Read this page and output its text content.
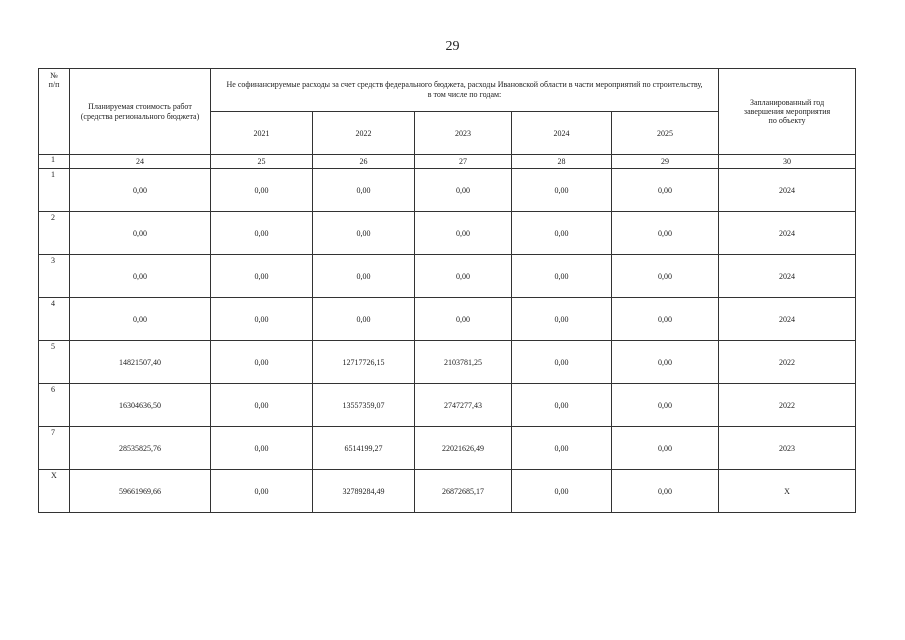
29
№
п/п	Планируемая стоимость работ (средства регионального бюджета)	Не софинансируемые расходы за счет средств федерального бюджета, расходы Ивановской области в части мероприятий по строительству, в том числе по годам:					Запланированный год завершения мероприятия по объекту
		2021	2022	2023	2024	2025	
1	24	25	26	27	28	29	30
1	0,00	0,00	0,00	0,00	0,00	0,00	2024
2	0,00	0,00	0,00	0,00	0,00	0,00	2024
3	0,00	0,00	0,00	0,00	0,00	0,00	2024
4	0,00	0,00	0,00	0,00	0,00	0,00	2024
5	14821507,40	0,00	12717726,15	2103781,25	0,00	0,00	2022
6	16304636,50	0,00	13557359,07	2747277,43	0,00	0,00	2022
7	28535825,76	0,00	6514199,27	22021626,49	0,00	0,00	2023
Х	59661969,66	0,00	32789284,49	26872685,17	0,00	0,00	Х
